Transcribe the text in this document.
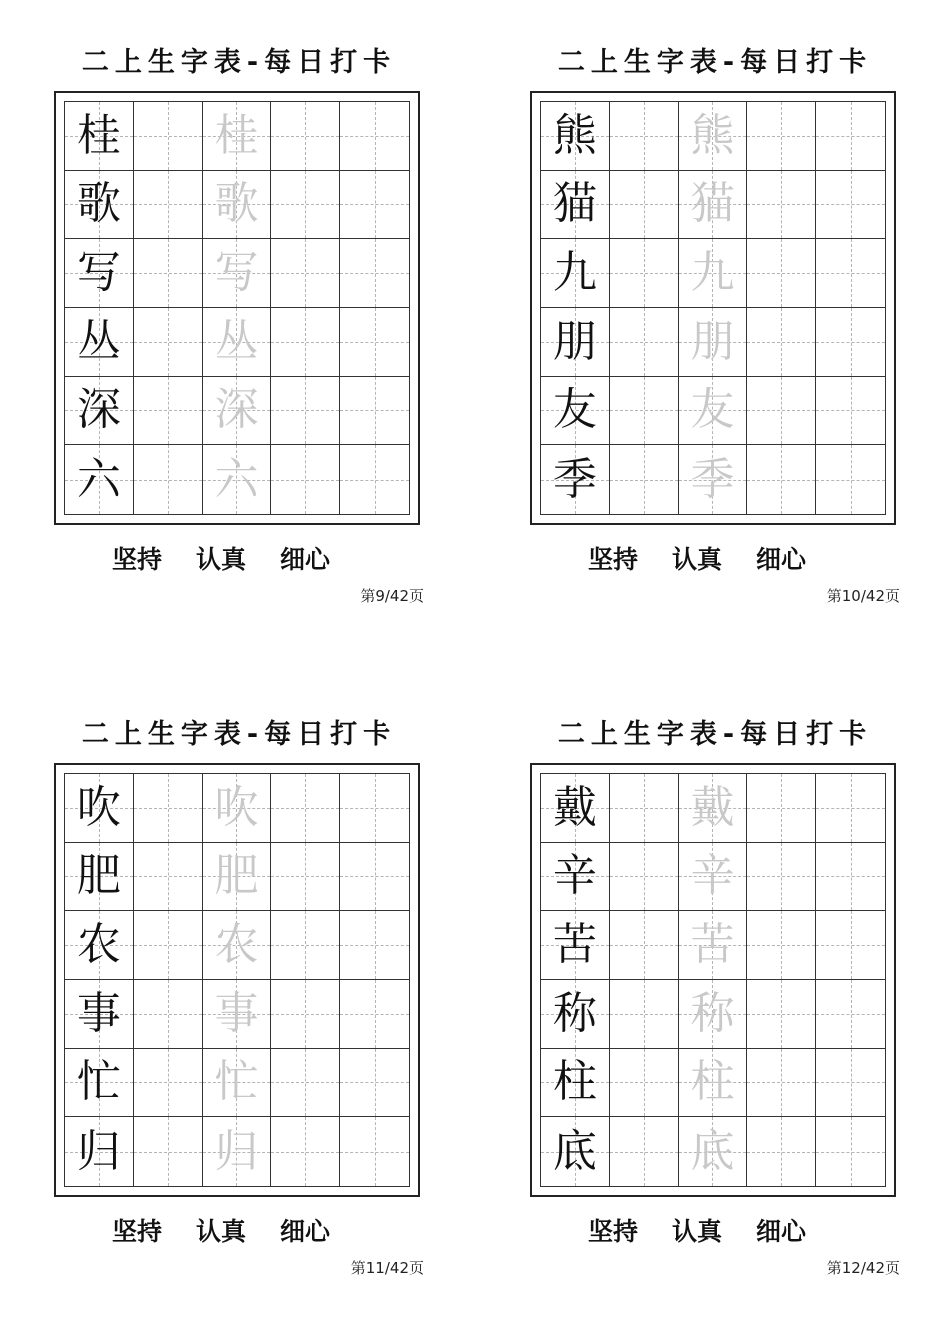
二上生字表-每日打卡
桂 桂
歌 歌
写 写
丛 丛
深 深
六 六
坚持 认真 细心
第9/42页
二上生字表-每日打卡
熊 熊
猫 猫
九 九
朋 朋
友 友
季 季
坚持 认真 细心
第10/42页
二上生字表-每日打卡
吹 吹
肥 肥
农 农
事 事
忙 忙
归 归
坚持 认真 细心
第11/42页
二上生字表-每日打卡
戴 戴
辛 辛
苦 苦
称 称
柱 柱
底 底
坚持 认真 细心
第12/42页
